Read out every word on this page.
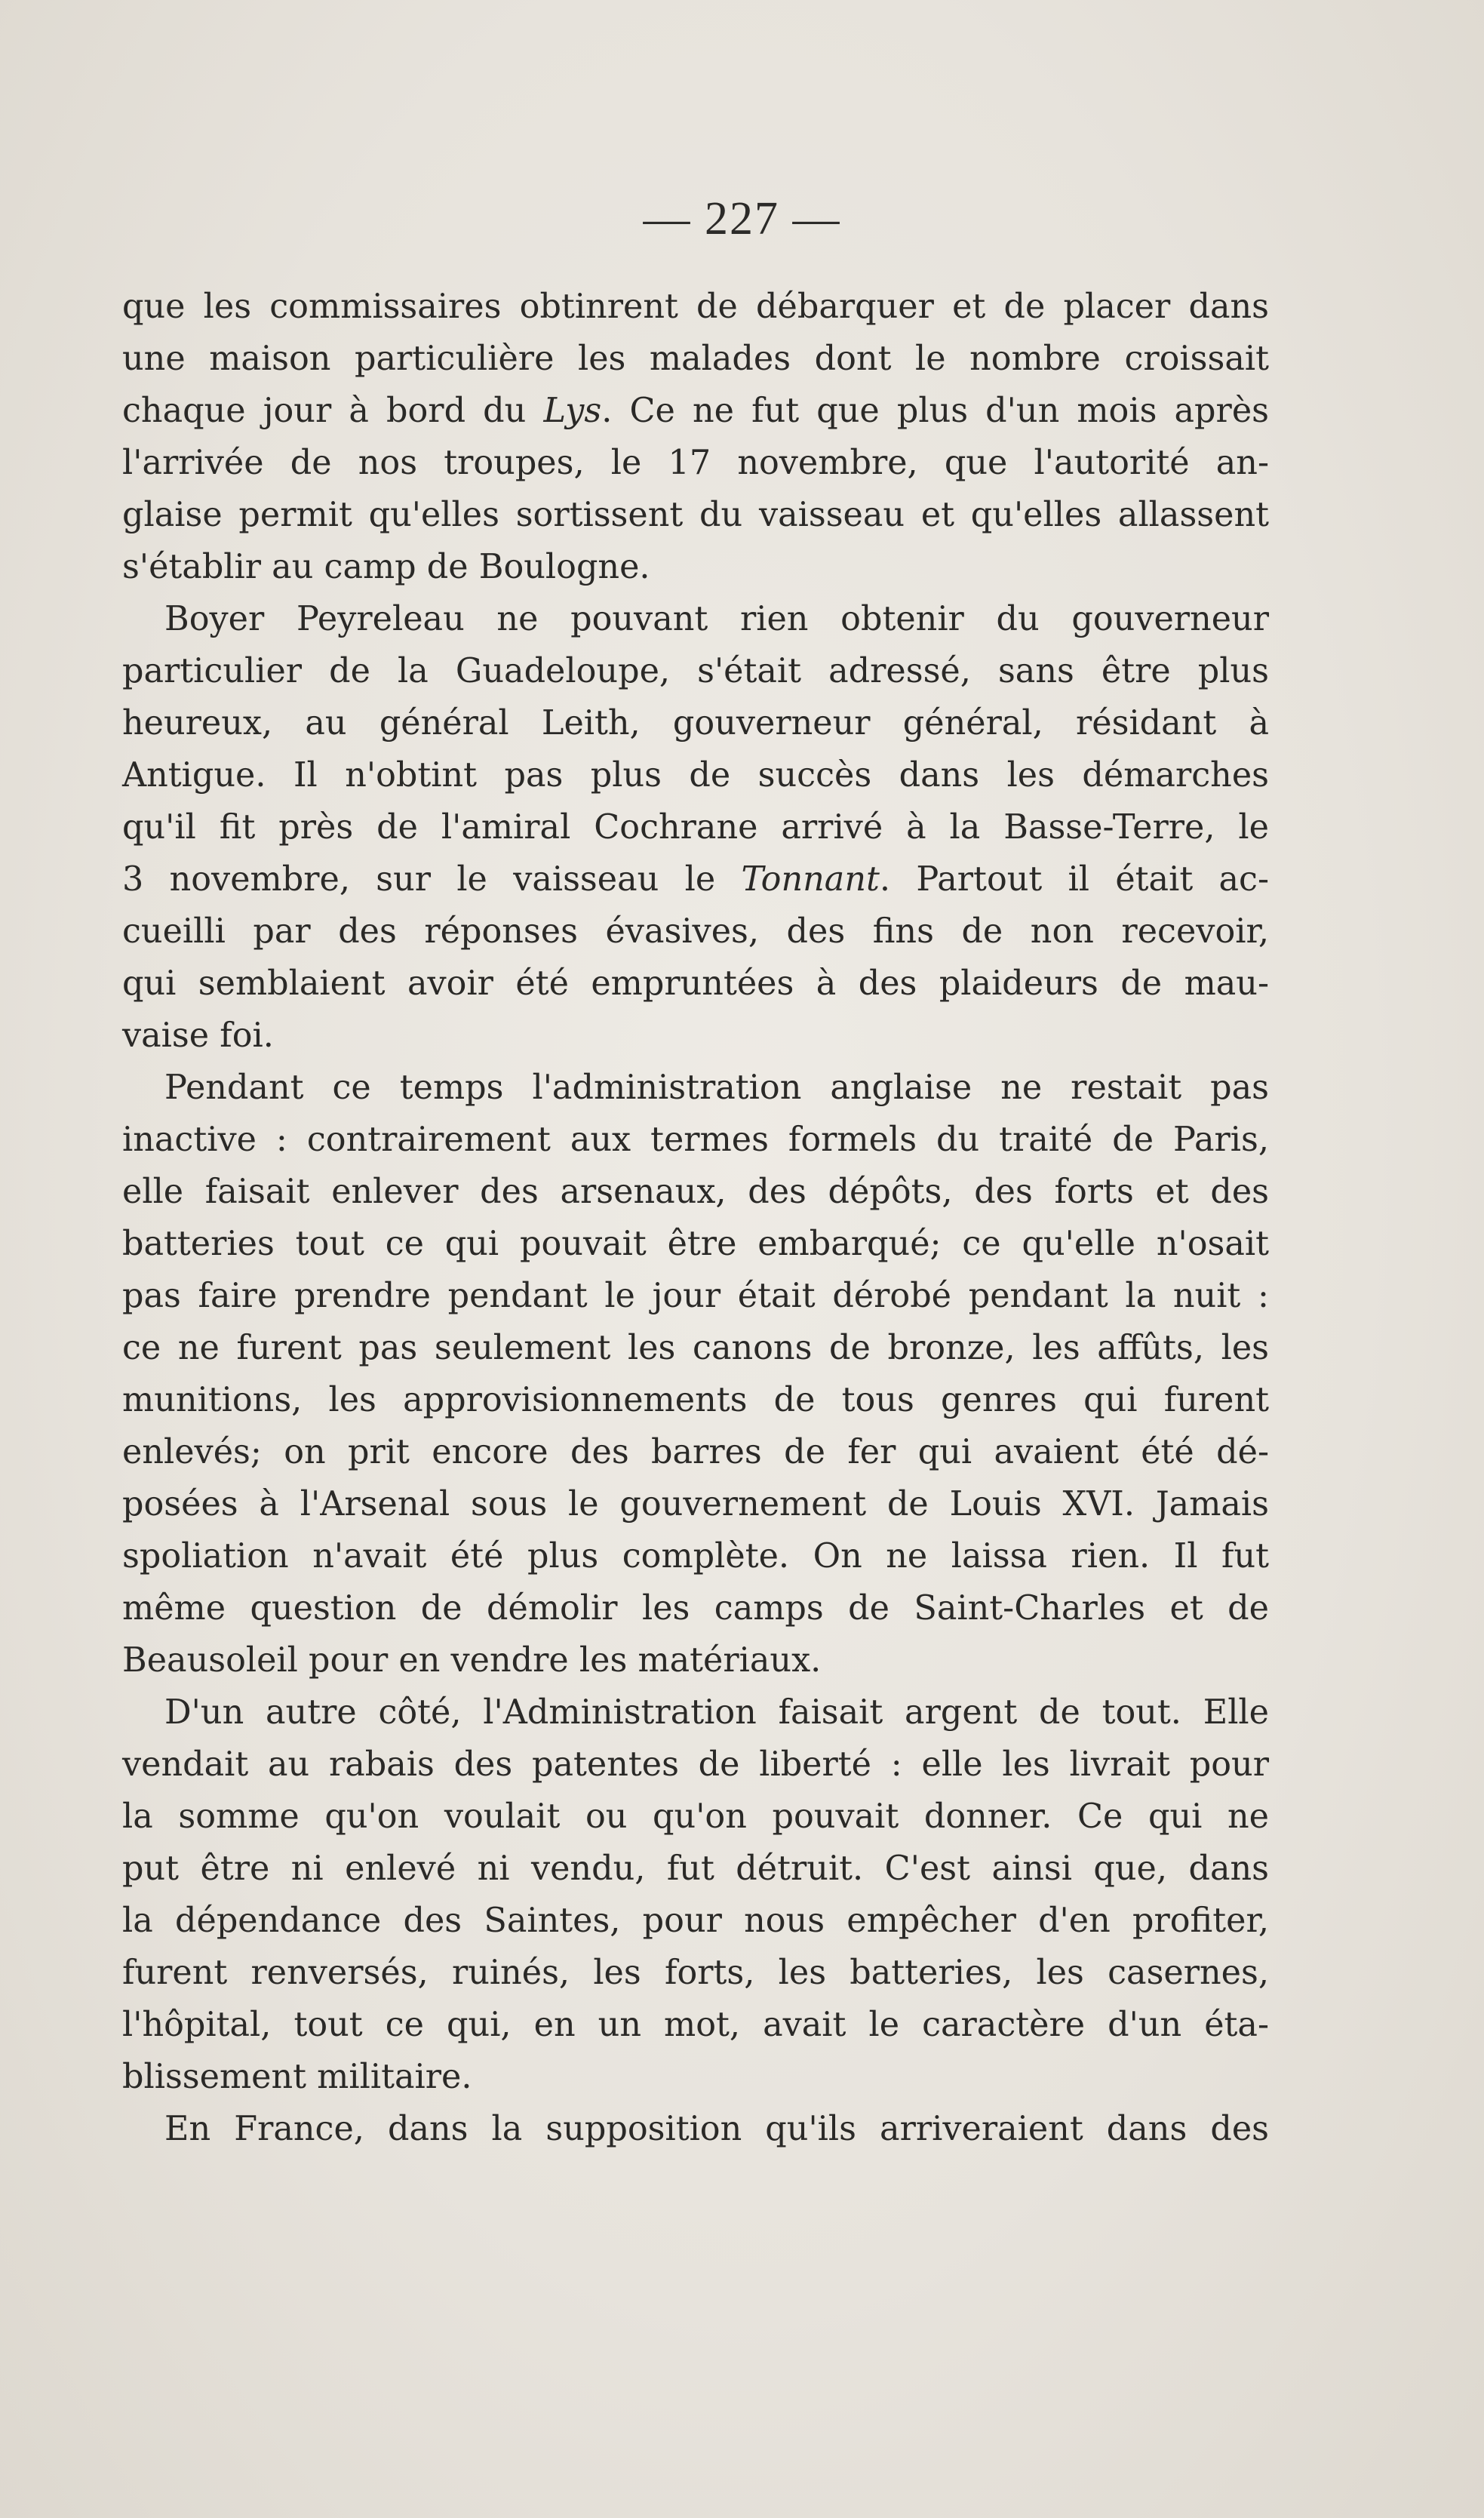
— 227 —
que les commissaires obtinrent de débarquer et de placer dans
une maison particulière les malades dont le nombre croissait
chaque jour à bord du Lys. Ce ne fut que plus d'un mois après
l'arrivée de nos troupes, le 17 novembre, que l'autorité an-
glaise permit qu'elles sortissent du vaisseau et qu'elles allassent
s'établir au camp de Boulogne.
Boyer Peyreleau ne pouvant rien obtenir du gouverneur
particulier de la Guadeloupe, s'était adressé, sans être plus
heureux, au général Leith, gouverneur général, résidant à
Antigue. Il n'obtint pas plus de succès dans les démarches
qu'il fit près de l'amiral Cochrane arrivé à la Basse-Terre, le
3 novembre, sur le vaisseau le Tonnant. Partout il était ac-
cueilli par des réponses évasives, des fins de non recevoir,
qui semblaient avoir été empruntées à des plaideurs de mau-
vaise foi.
Pendant ce temps l'administration anglaise ne restait pas
inactive : contrairement aux termes formels du traité de Paris,
elle faisait enlever des arsenaux, des dépôts, des forts et des
batteries tout ce qui pouvait être embarqué; ce qu'elle n'osait
pas faire prendre pendant le jour était dérobé pendant la nuit :
ce ne furent pas seulement les canons de bronze, les affûts, les
munitions, les approvisionnements de tous genres qui furent
enlevés; on prit encore des barres de fer qui avaient été dé-
posées à l'Arsenal sous le gouvernement de Louis XVI. Jamais
spoliation n'avait été plus complète. On ne laissa rien. Il fut
même question de démolir les camps de Saint-Charles et de
Beausoleil pour en vendre les matériaux.
D'un autre côté, l'Administration faisait argent de tout. Elle
vendait au rabais des patentes de liberté : elle les livrait pour
la somme qu'on voulait ou qu'on pouvait donner. Ce qui ne
put être ni enlevé ni vendu, fut détruit. C'est ainsi que, dans
la dépendance des Saintes, pour nous empêcher d'en profiter,
furent renversés, ruinés, les forts, les batteries, les casernes,
l'hôpital, tout ce qui, en un mot, avait le caractère d'un éta-
blissement militaire.
En France, dans la supposition qu'ils arriveraient dans des
